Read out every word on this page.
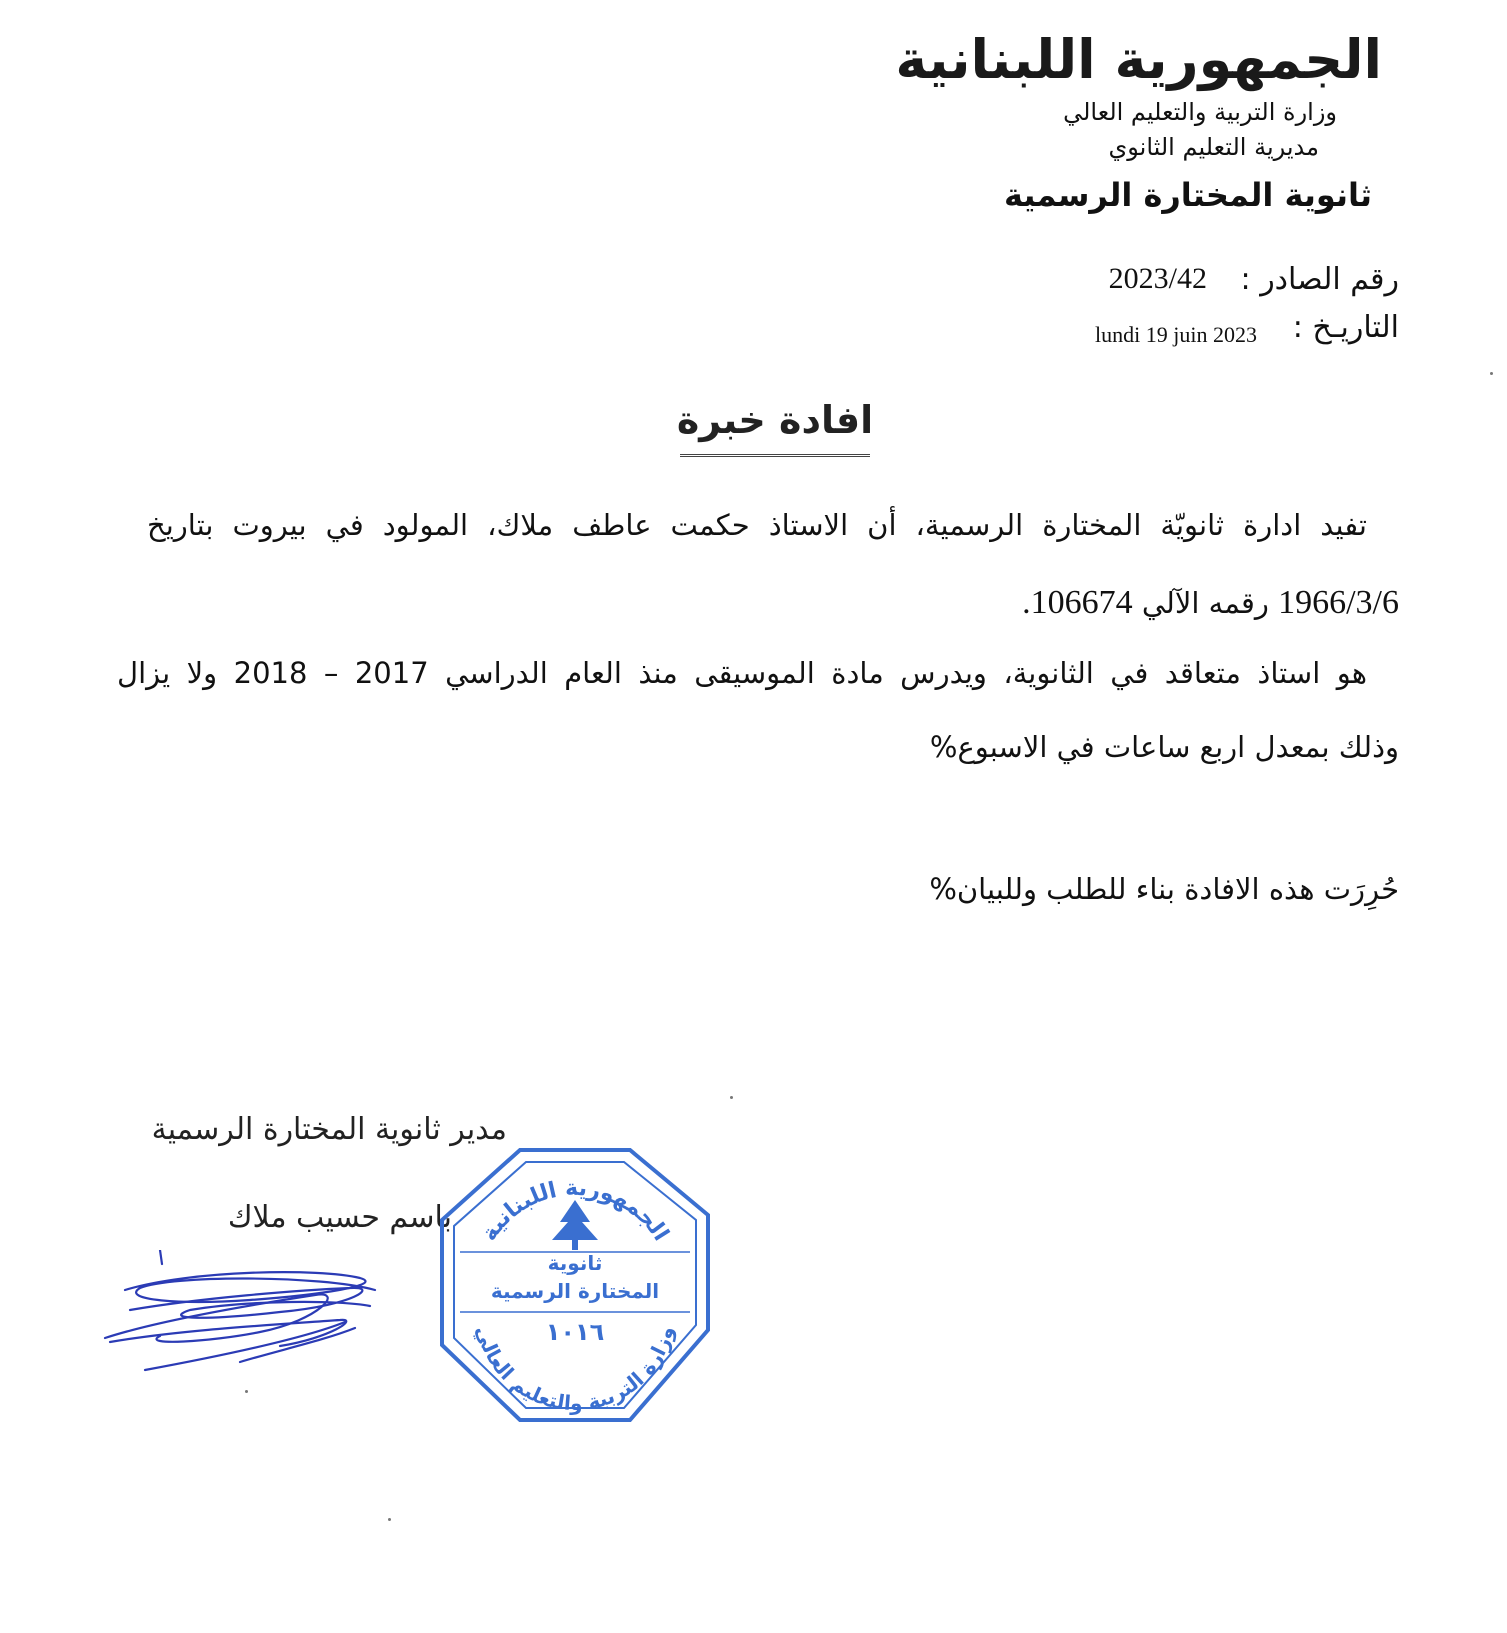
الجمهورية اللبنانية
وزارة التربية والتعليم العالي
مديرية التعليم الثانوي
ثانوية المختارة الرسمية
رقم الصادر :
2023/42
التاريـخ :
lundi 19 juin 2023
افادة خبرة
تفيد ادارة ثانويّة المختارة الرسمية، أن الاستاذ حكمت عاطف ملاك، المولود في بيروت بتاريخ
1966/3/6 رقمه الآلي 106674.
هو استاذ متعاقد في الثانوية، ويدرس مادة الموسيقى منذ العام الدراسي 2017 – 2018 ولا يزال
وذلك بمعدل اربع ساعات في الاسبوع%
حُرِرَت هذه الافادة بناء للطلب وللبيان%
مدير ثانوية المختارة الرسمية
باسم حسيب ملاك الجمهورية اللبنانية
وزارة التربية والتعليم العالي
ثانوية
المختارة الرسمية
١٠١٦
